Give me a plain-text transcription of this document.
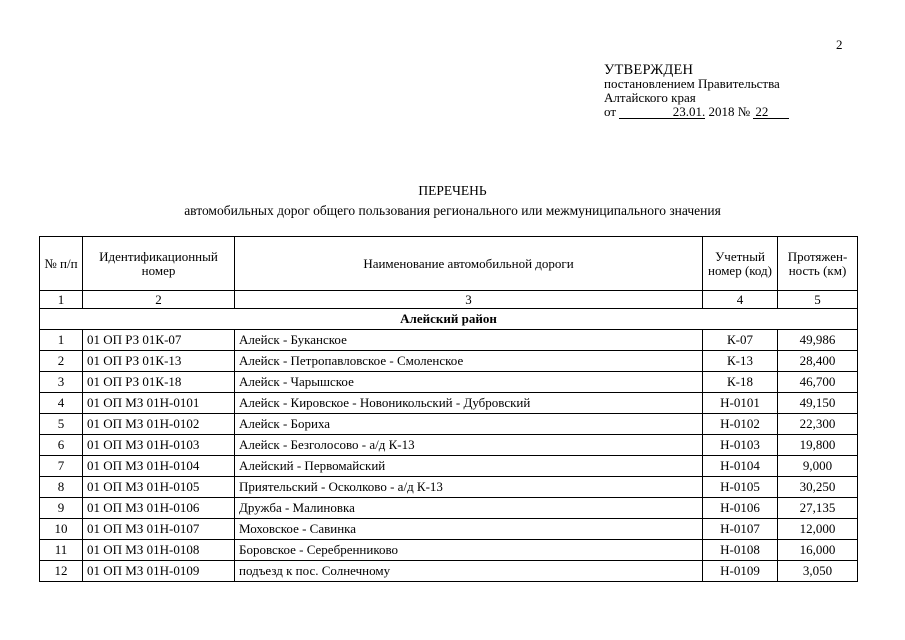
2
УТВЕРЖДЕН
постановлением Правительства
Алтайского края
от	23.01. 2018 № 22
ПЕРЕЧЕНЬ
автомобильных дорог общего пользования регионального или межмуниципального значения
№ п/п	Идентификационный номер	Наименование автомобильной дороги	Учетный номер (код)	Протяжен- ность (км)
1	2	3	4	5
Алейский район				
1	01 ОП РЗ 01К-07	Алейск - Буканское	К-07	49,986
2	01 ОП РЗ 01К-13	Алейск - Петропавловское - Смоленское	К-13	28,400
3	01 ОП РЗ 01К-18	Алейск - Чарышское	К-18	46,700
4	01 ОП МЗ 01Н-0101	Алейск - Кировское - Новоникольский - Дубровский	Н-0101	49,150
5	01 ОП МЗ 01Н-0102	Алейск - Бориха	Н-0102	22,300
6	01 ОП МЗ 01Н-0103	Алейск - Безголосово - а/д К-13	Н-0103	19,800
7	01 ОП МЗ 01Н-0104	Алейский - Первомайский	Н-0104	9,000
8	01 ОП МЗ 01Н-0105	Приятельский - Осколково - а/д К-13	Н-0105	30,250
9	01 ОП МЗ 01Н-0106	Дружба - Малиновка	Н-0106	27,135
10	01 ОП МЗ 01Н-0107	Моховское - Савинка	Н-0107	12,000
11	01 ОП МЗ 01Н-0108	Боровское - Серебренниково	Н-0108	16,000
12	01 ОП МЗ 01Н-0109	подъезд к пос. Солнечному	Н-0109	3,050
